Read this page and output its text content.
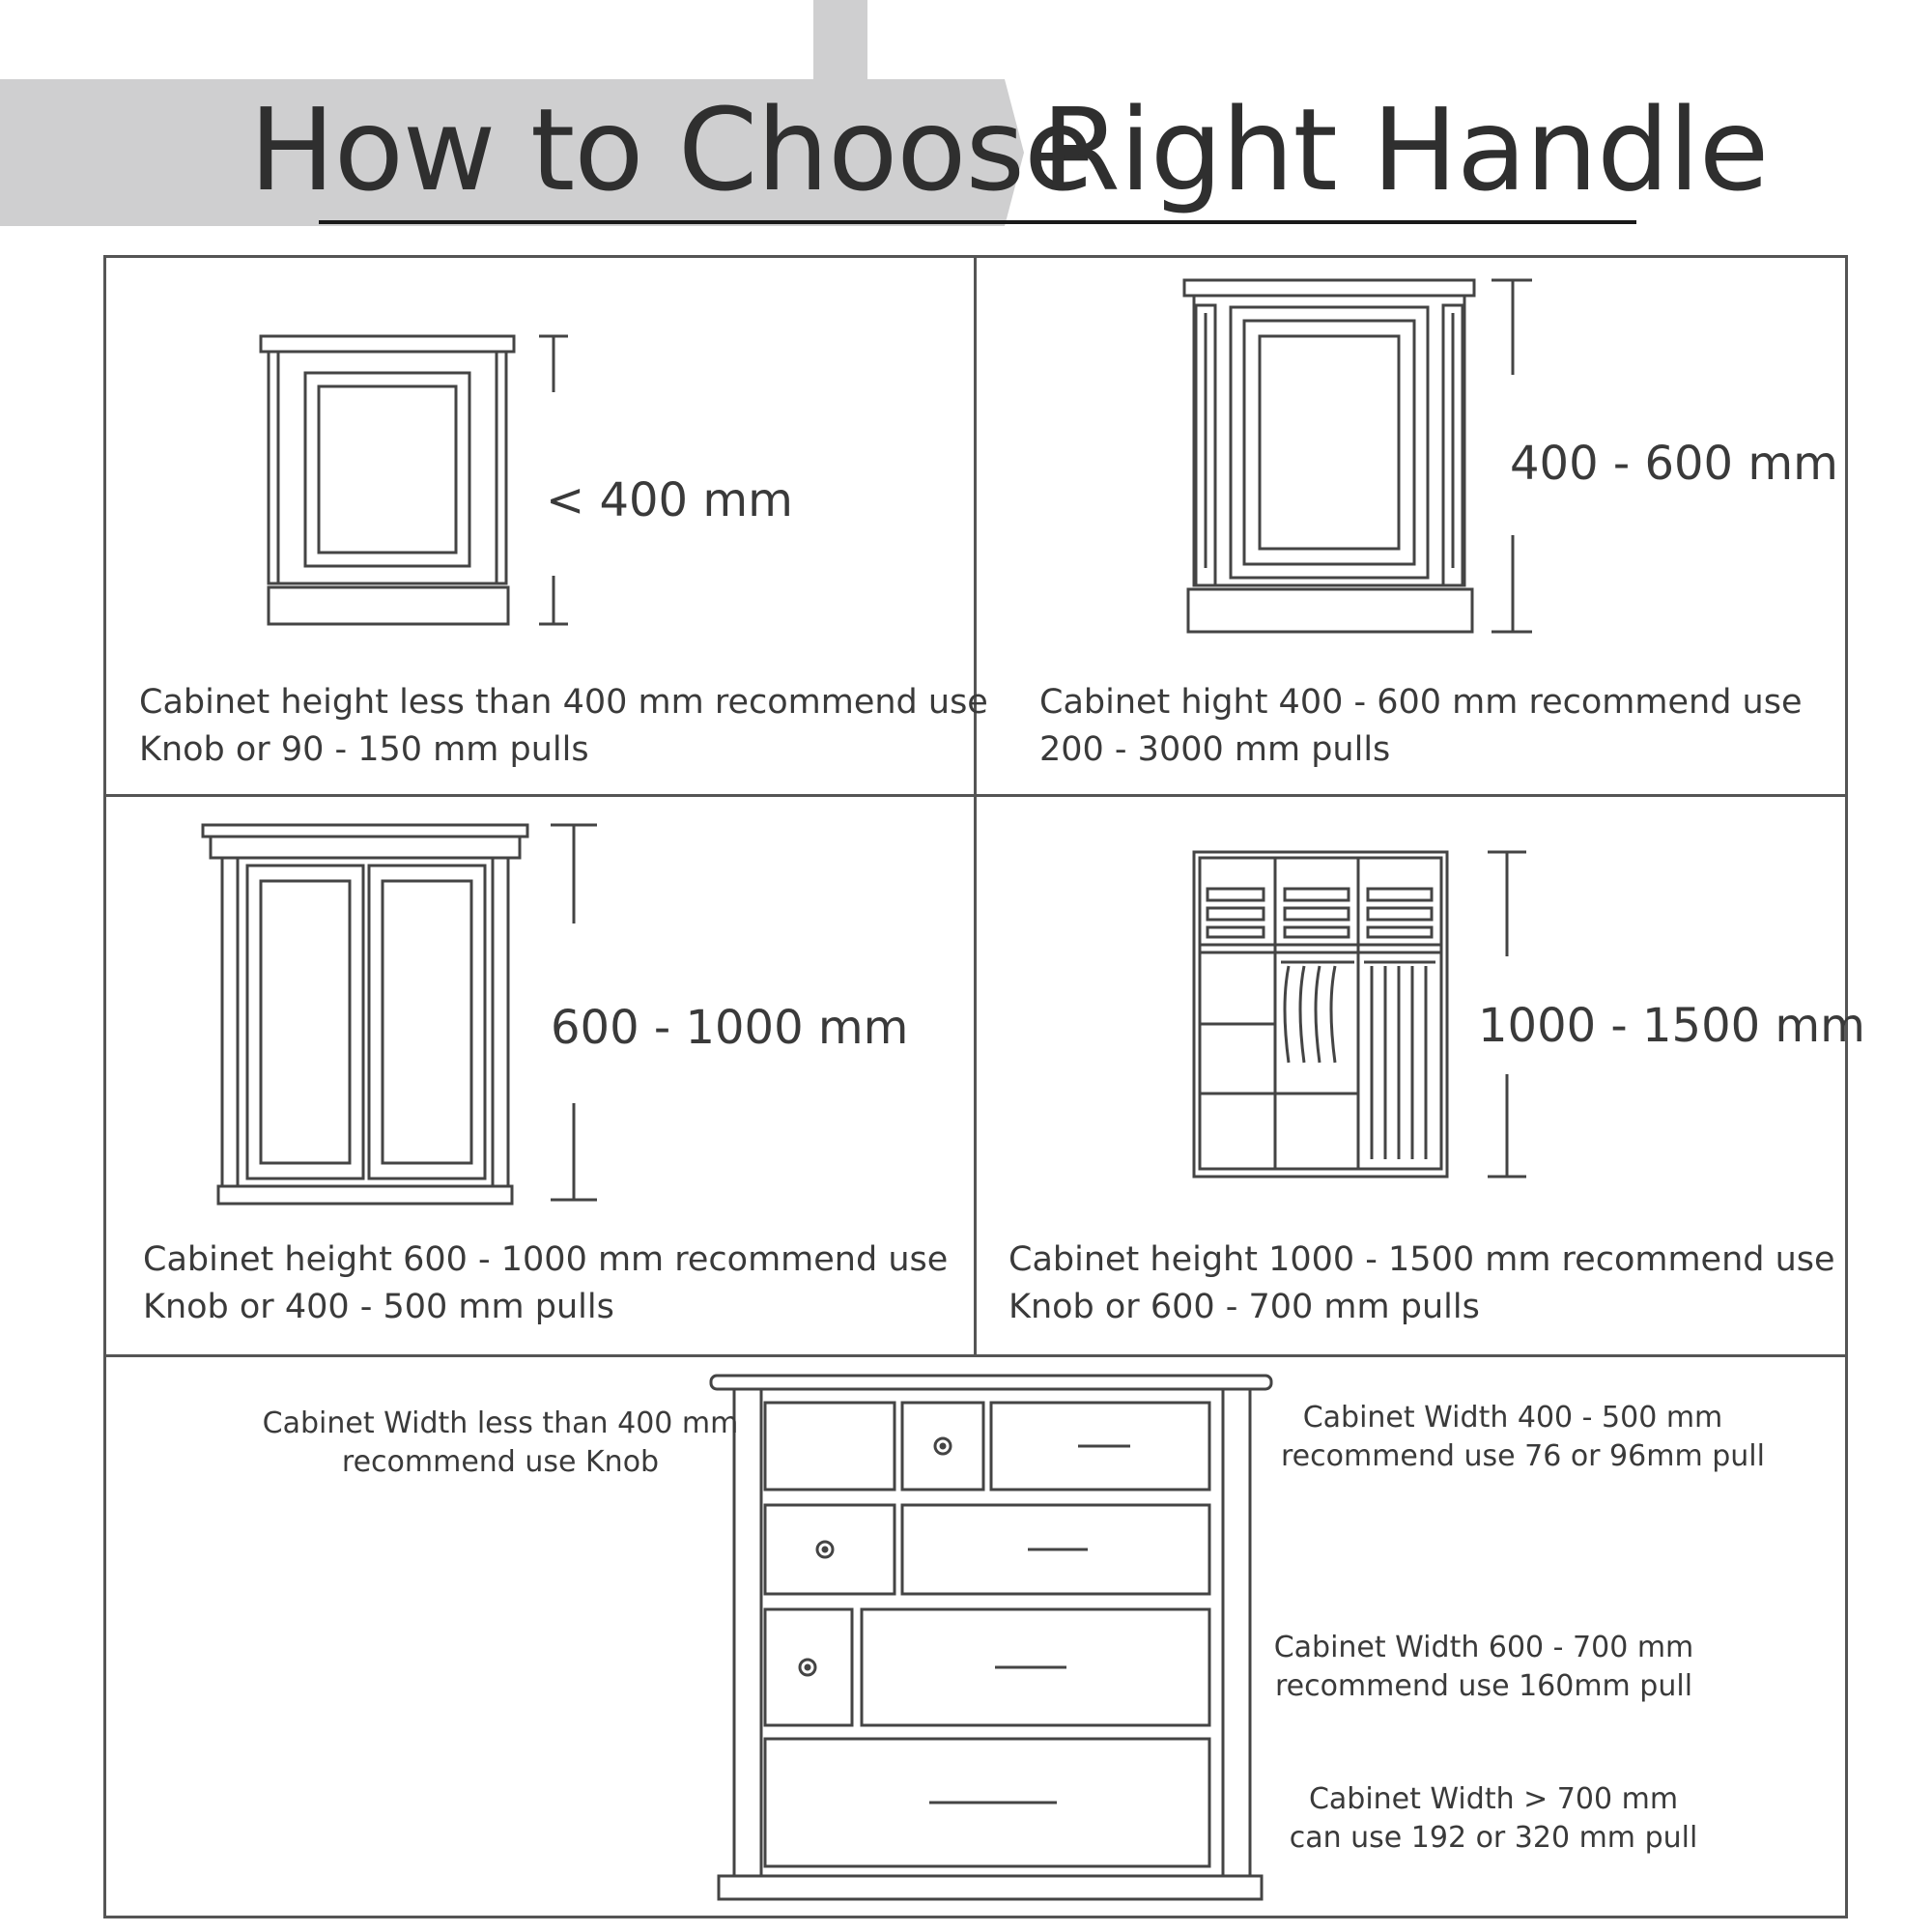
How to Choose
Right Handle
< 400 mm
Cabinet height less than 400 mm recommend use
Knob or 90 - 150 mm pulls
400 - 600 mm
Cabinet hight 400 - 600 mm recommend use
200 - 3000 mm pulls
600 - 1000 mm
Cabinet height 600 - 1000 mm recommend use
Knob or 400 - 500 mm pulls
1000 - 1500 mm
Cabinet height 1000 - 1500 mm recommend use
Knob or 600 - 700 mm pulls
Cabinet Width less than 400 mm
recommend use Knob
Cabinet Width 400 - 500 mm
recommend use 76 or 96mm pull
Cabinet Width 600 - 700 mm
recommend use 160mm pull
Cabinet Width > 700 mm
can use 192 or 320 mm pull
